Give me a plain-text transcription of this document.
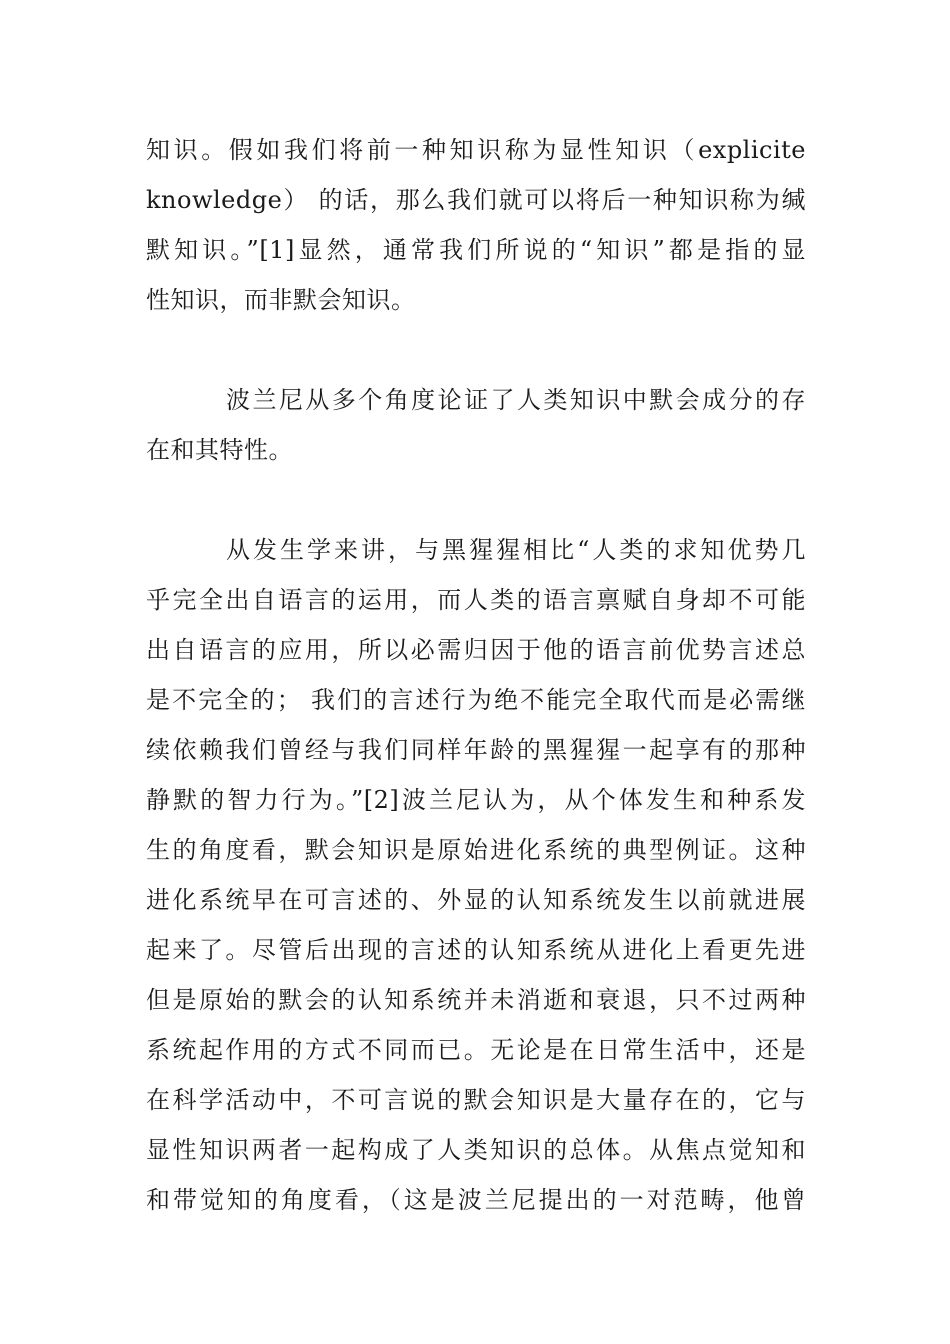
知识。假如我们将前一种知识称为显性知识（explicite
knowledge） 的话，那么我们就可以将后一种知识称为缄
默知识。”[1]显然，通常我们所说的“知识”都是指的显
性知识，而非默会知识。
波兰尼从多个角度论证了人类知识中默会成分的存
在和其特性。
从发生学来讲，与黑猩猩相比“人类的求知优势几
乎完全出自语言的运用，而人类的语言禀赋自身却不可能
出自语言的应用，所以必需归因于他的语言前优势言述总
是不完全的； 我们的言述行为绝不能完全取代而是必需继
续依赖我们曾经与我们同样年龄的黑猩猩一起享有的那种
静默的智力行为。”[2]波兰尼认为，从个体发生和种系发
生的角度看，默会知识是原始进化系统的典型例证。这种
进化系统早在可言述的、外显的认知系统发生以前就进展
起来了。尽管后出现的言述的认知系统从进化上看更先进
但是原始的默会的认知系统并未消逝和衰退，只不过两种
系统起作用的方式不同而已。无论是在日常生活中，还是
在科学活动中，不可言说的默会知识是大量存在的，它与
显性知识两者一起构成了人类知识的总体。从焦点觉知和
和带觉知的角度看，（这是波兰尼提出的一对范畴，他曾
